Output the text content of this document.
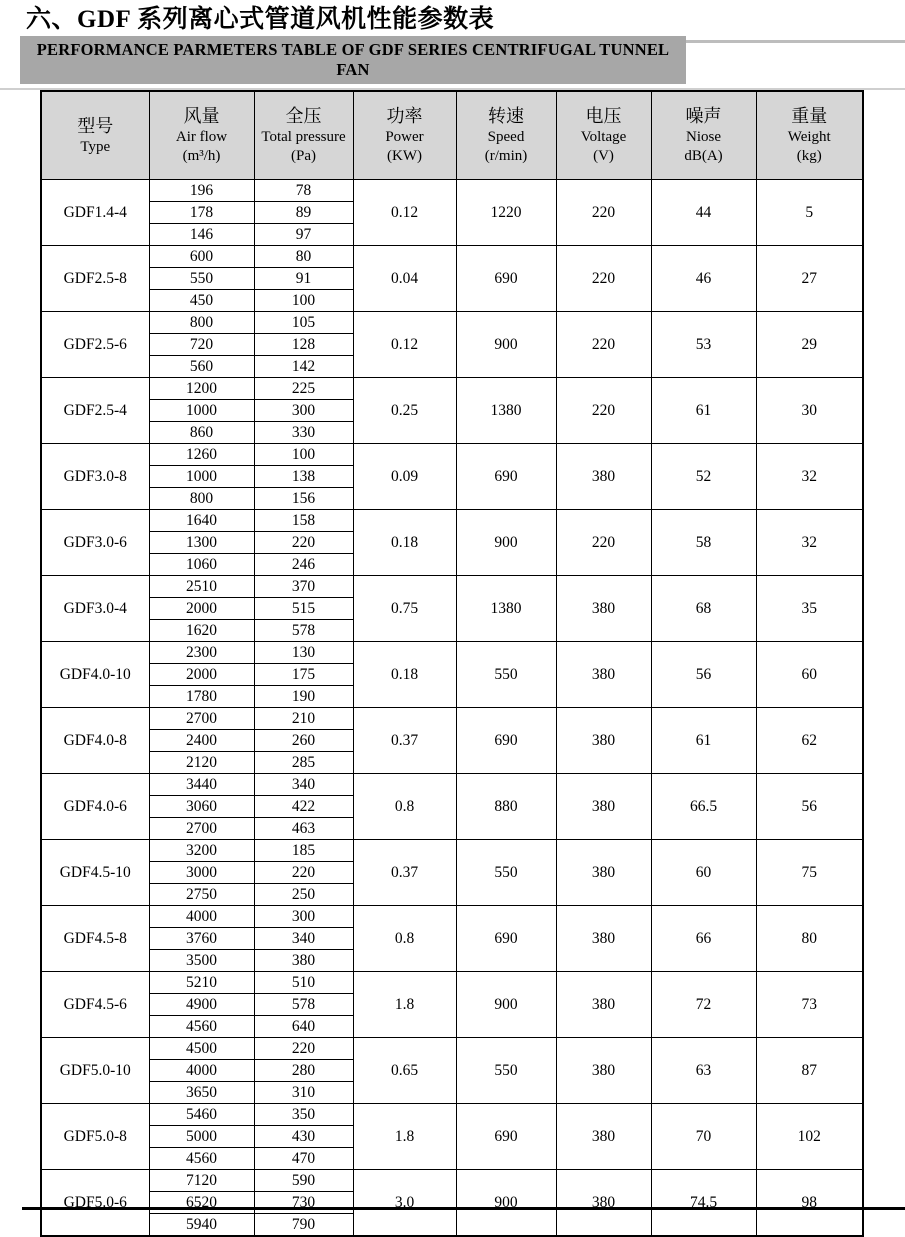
六、GDF 系列离心式管道风机性能参数表
PERFORMANCE PARMETERS TABLE OF GDF SERIES CENTRIFUGAL TUNNEL FAN
型号
Type

风量
Air flow
(m³/h)

全压
Total pressure
(Pa)

功率
Power
(KW)

转速
Speed
(r/min)

电压
Voltage
(V)

噪声
Niose
dB(A)

重量
Weight
(kg)

GDF1.4-4	196	78	0.12	1220	220	44	5
	178	89					
	146	97					
GDF2.5-8	600	80	0.04	690	220	46	27
	550	91					
	450	100					
GDF2.5-6	800	105	0.12	900	220	53	29
	720	128					
	560	142					
GDF2.5-4	1200	225	0.25	1380	220	61	30
	1000	300					
	860	330					
GDF3.0-8	1260	100	0.09	690	380	52	32
	1000	138					
	800	156					
GDF3.0-6	1640	158	0.18	900	220	58	32
	1300	220					
	1060	246					
GDF3.0-4	2510	370	0.75	1380	380	68	35
	2000	515					
	1620	578					
GDF4.0-10	2300	130	0.18	550	380	56	60
	2000	175					
	1780	190					
GDF4.0-8	2700	210	0.37	690	380	61	62
	2400	260					
	2120	285					
GDF4.0-6	3440	340	0.8	880	380	66.5	56
	3060	422					
	2700	463					
GDF4.5-10	3200	185	0.37	550	380	60	75
	3000	220					
	2750	250					
GDF4.5-8	4000	300	0.8	690	380	66	80
	3760	340					
	3500	380					
GDF4.5-6	5210	510	1.8	900	380	72	73
	4900	578					
	4560	640					
GDF5.0-10	4500	220	0.65	550	380	63	87
	4000	280					
	3650	310					
GDF5.0-8	5460	350	1.8	690	380	70	102
	5000	430					
	4560	470					
GDF5.0-6	7120	590	3.0	900	380	74.5	98
	6520	730					
	5940	790					
